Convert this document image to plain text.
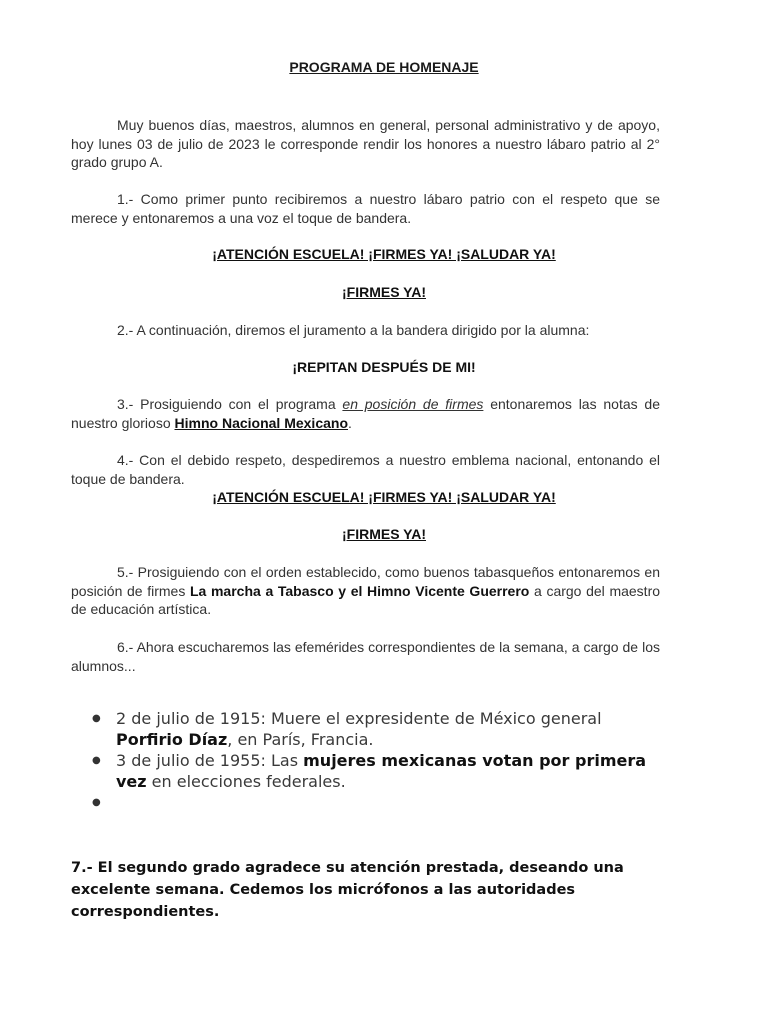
PROGRAMA DE HOMENAJE

Muy buenos días, maestros, alumnos en general, personal administrativo y de apoyo, hoy lunes 03 de julio de 2023 le corresponde rendir los honores a nuestro lábaro patrio al 2° grado grupo A.

1.- Como primer punto recibiremos a nuestro lábaro patrio con el respeto que se merece y entonaremos a una voz el toque de bandera.

¡ATENCIÓN ESCUELA! ¡FIRMES YA! ¡SALUDAR YA!

¡FIRMES YA!

2.- A continuación, diremos el juramento a la bandera dirigido por la alumna:

¡REPITAN DESPUÉS DE MI!

3.- Prosiguiendo con el programa en posición de firmes entonaremos las notas de nuestro glorioso Himno Nacional Mexicano.

4.- Con el debido respeto, despediremos a nuestro emblema nacional, entonando el toque de bandera.

¡ATENCIÓN ESCUELA! ¡FIRMES YA! ¡SALUDAR YA!

¡FIRMES YA!

5.- Prosiguiendo con el orden establecido, como buenos tabasqueños entonaremos en posición de firmes La marcha a Tabasco y el Himno Vicente Guerrero a cargo del maestro de educación artística.

6.- Ahora escucharemos las efemérides correspondientes de la semana, a cargo de los alumnos...

● 2 de julio de 1915: Muere el expresidente de México general Porfirio Díaz, en París, Francia.
● 3 de julio de 1955: Las mujeres mexicanas votan por primera vez en elecciones federales.
●

7.- El segundo grado agradece su atención prestada, deseando una excelente semana. Cedemos los micrófonos a las autoridades correspondientes.
